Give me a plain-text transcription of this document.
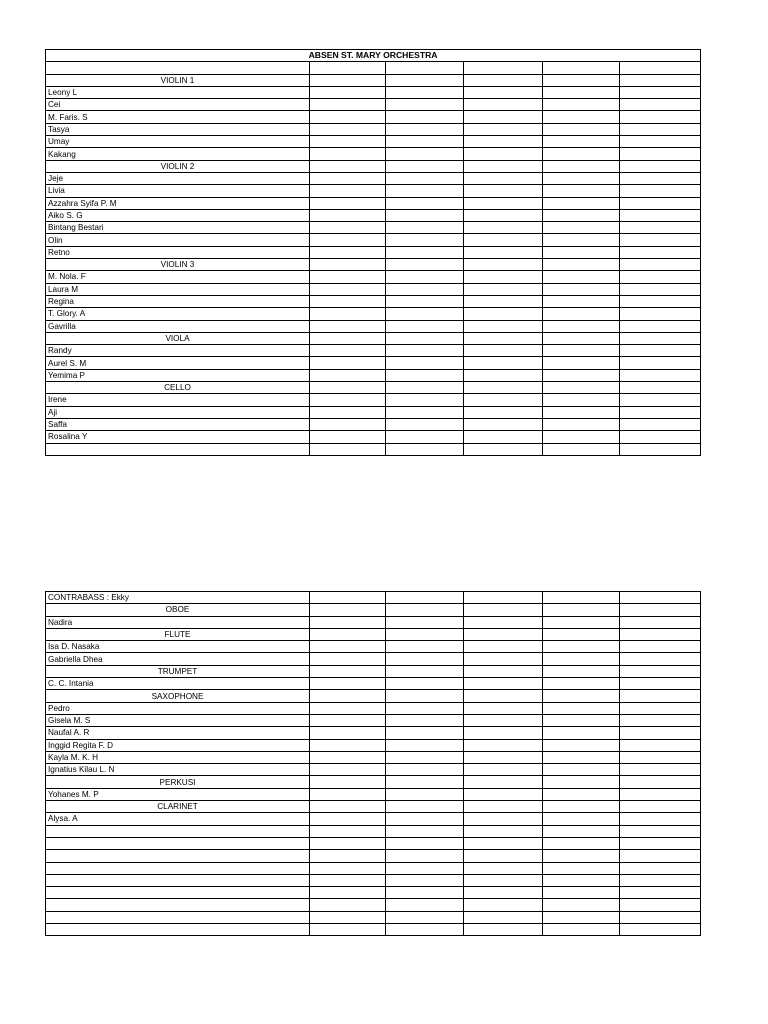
ABSEN ST. MARY ORCHESTRA					

VIOLIN 1					
Leony L					
Cei					
M. Faris. S					
Tasya					
Umay					
Kakang					
VIOLIN 2					
Jeje					
Livia					
Azzahra Syifa P. M					
Aiko S. G					
Bintang Bestari					
Olin					
Retno					
VIOLIN 3					
M. Nola. F					
Laura M					
Regina					
T. Glory. A					
Gavrilla					
VIOLA					
Randy					
Aurel S. M					
Yemima P					
CELLO					
Irene					
Aji					
Saffa					
Rosalina Y					

CONTRABASS : Ekky					
OBOE					
Nadira					
FLUTE					
Isa D. Nasaka					
Gabriella Dhea					
TRUMPET					
C. C. Intania					
SAXOPHONE					
Pedro					
Gisela M. S					
Naufal A. R					
Inggid Regita F. D					
Kayla M. K. H					
Ignatius Kilau L. N					
PERKUSI					
Yohanes M. P					
CLARINET					
Alysa. A					
